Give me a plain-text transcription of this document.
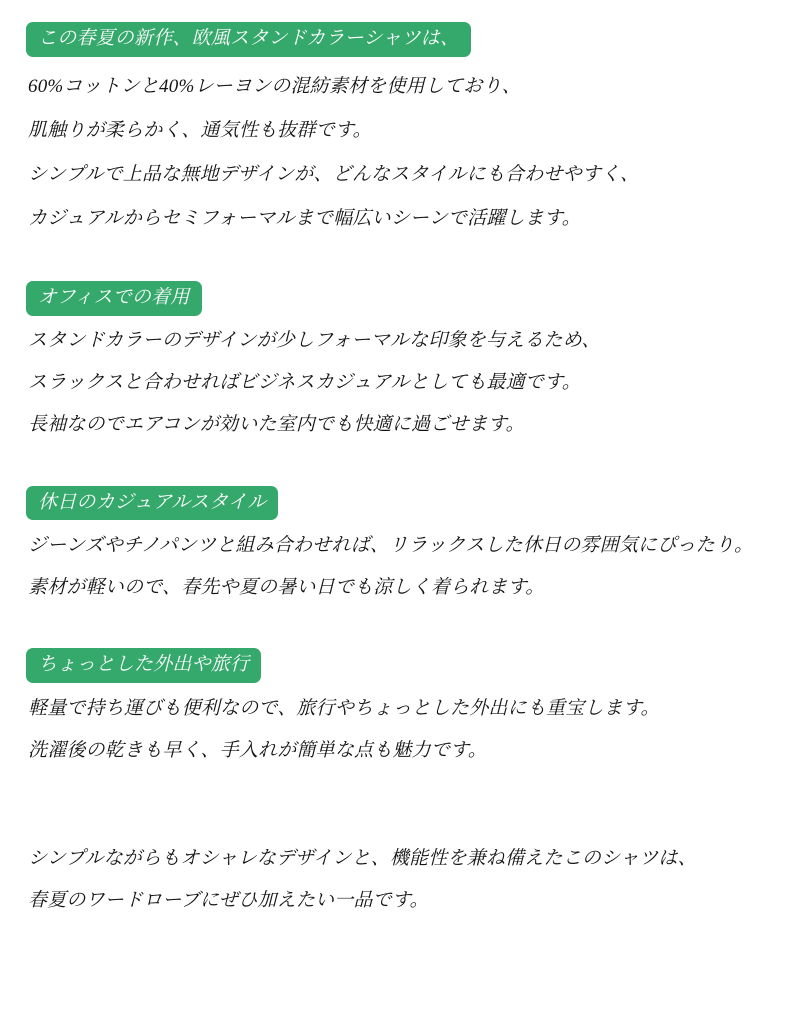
この春夏の新作、欧風スタンドカラーシャツは、
60%コットンと40%レーヨンの混紡素材を使用しており、
肌触りが柔らかく、通気性も抜群です。
シンプルで上品な無地デザインが、どんなスタイルにも合わせやすく、
カジュアルからセミフォーマルまで幅広いシーンで活躍します。
オフィスでの着用
スタンドカラーのデザインが少しフォーマルな印象を与えるため、
スラックスと合わせればビジネスカジュアルとしても最適です。
長袖なのでエアコンが効いた室内でも快適に過ごせます。
休日のカジュアルスタイル
ジーンズやチノパンツと組み合わせれば、リラックスした休日の雰囲気にぴったり。
素材が軽いので、春先や夏の暑い日でも涼しく着られます。
ちょっとした外出や旅行
軽量で持ち運びも便利なので、旅行やちょっとした外出にも重宝します。
洗濯後の乾きも早く、手入れが簡単な点も魅力です。
シンプルながらもオシャレなデザインと、機能性を兼ね備えたこのシャツは、
春夏のワードローブにぜひ加えたい一品です。
